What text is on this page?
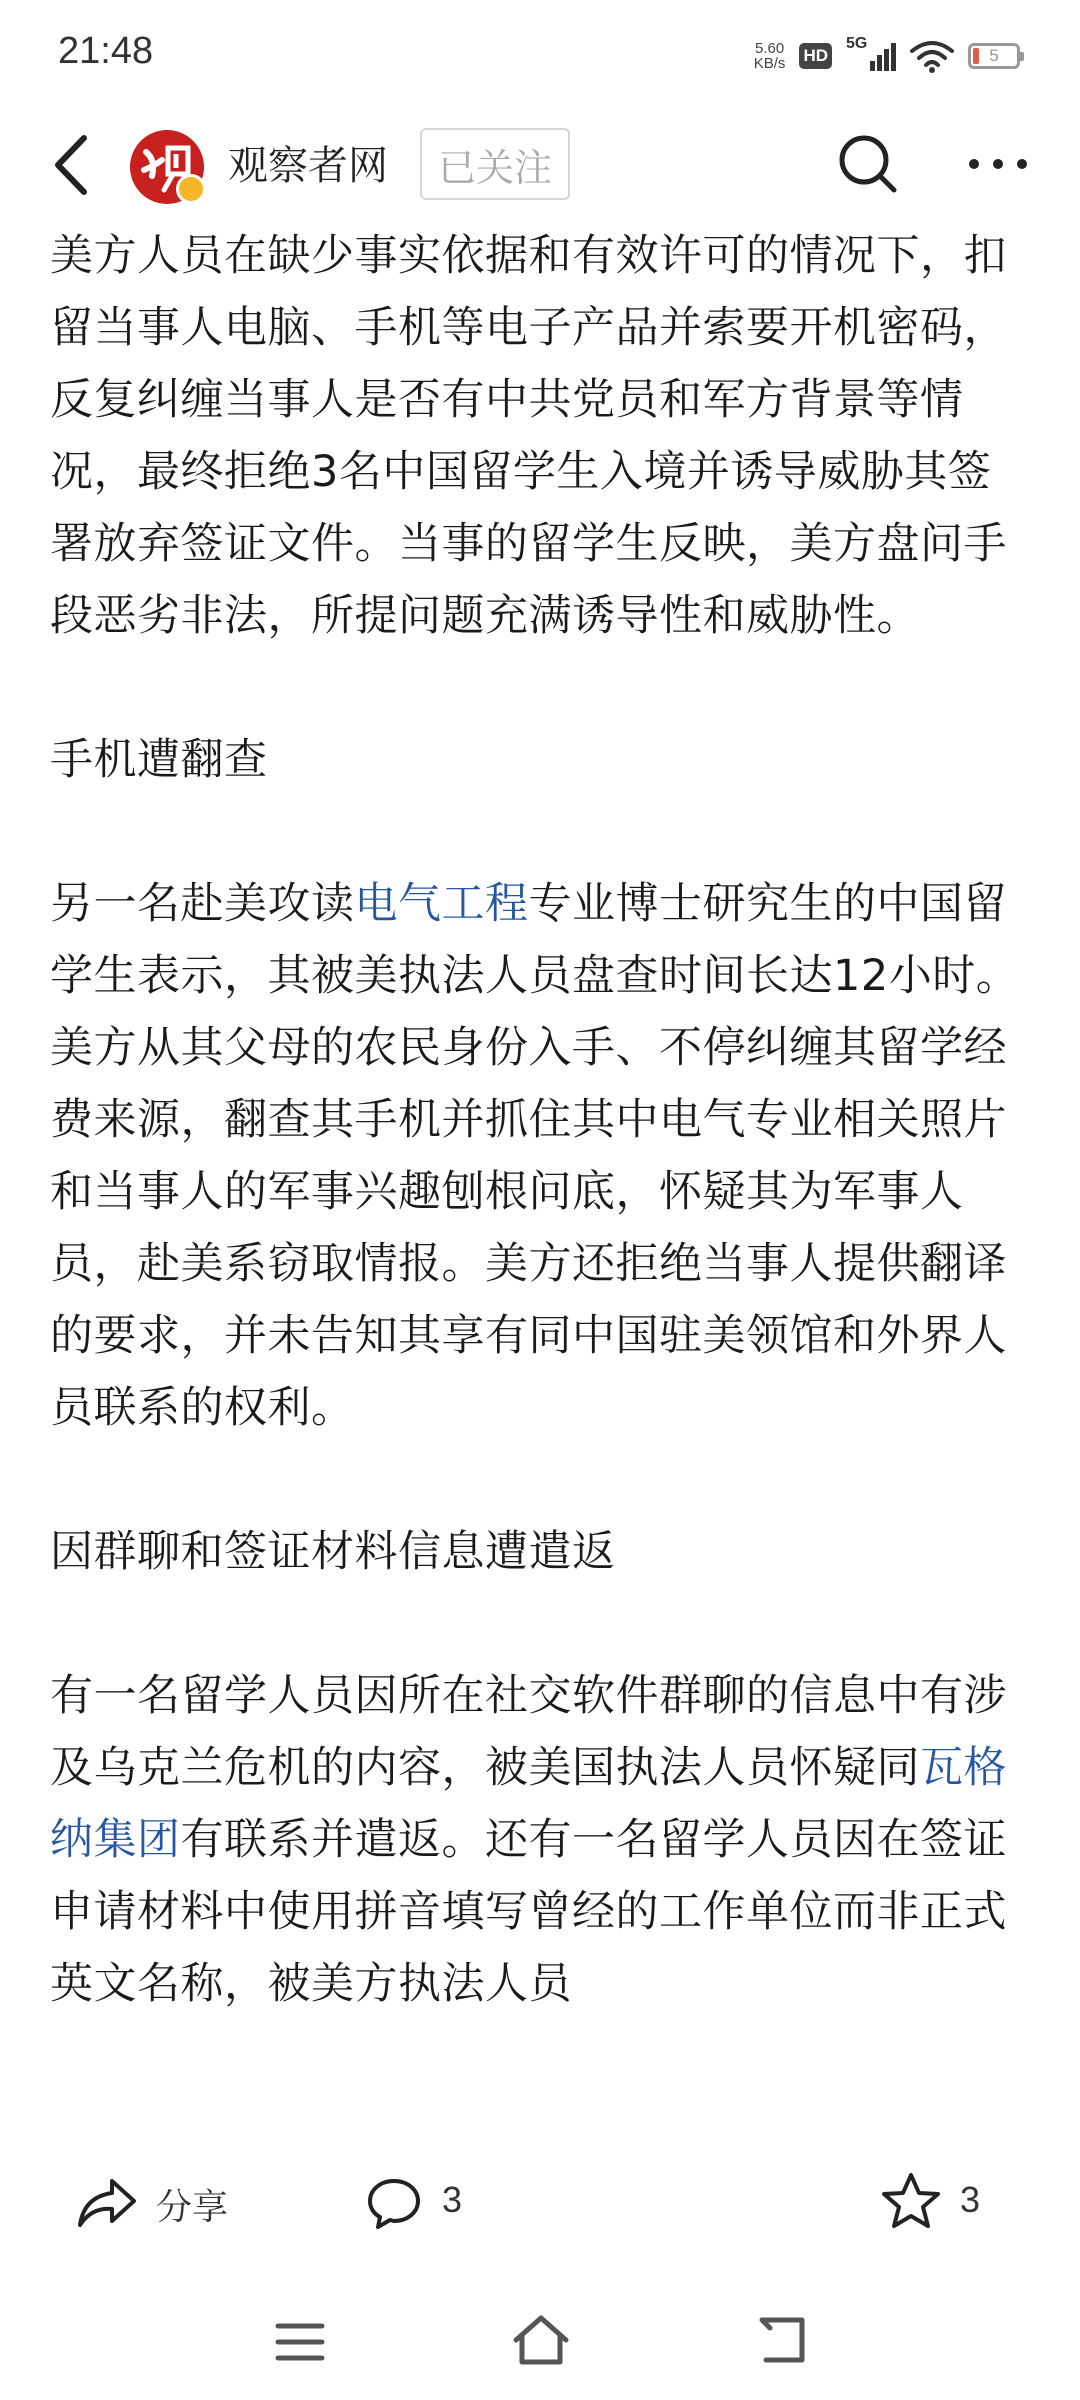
21:48	5.60
KB/s HD
5G
5
观察者网	已关注

美方人员在缺少事实依据和有效许可的情况下，扣留当事人电脑、手机等电子产品并索要开机密码，反复纠缠当事人是否有中共党员和军方背景等情况，最终拒绝3名中国留学生入境并诱导威胁其签署放弃签证文件。当事的留学生反映，美方盘问手段恶劣非法，所提问题充满诱导性和威胁性。

手机遭翻查

另一名赴美攻读电气工程专业博士研究生的中国留学生表示，其被美执法人员盘查时间长达12小时。美方从其父母的农民身份入手、不停纠缠其留学经费来源，翻查其手机并抓住其中电气专业相关照片和当事人的军事兴趣刨根问底，怀疑其为军事人员，赴美系窃取情报。美方还拒绝当事人提供翻译的要求，并未告知其享有同中国驻美领馆和外界人员联系的权利。

因群聊和签证材料信息遭遣返

有一名留学人员因所在社交软件群聊的信息中有涉及乌克兰危机的内容，被美国执法人员怀疑同瓦格纳集团有联系并遣返。还有一名留学人员因在签证申请材料中使用拼音填写曾经的工作单位而非正式英文名称，被美方执法人员

分享	3	3
